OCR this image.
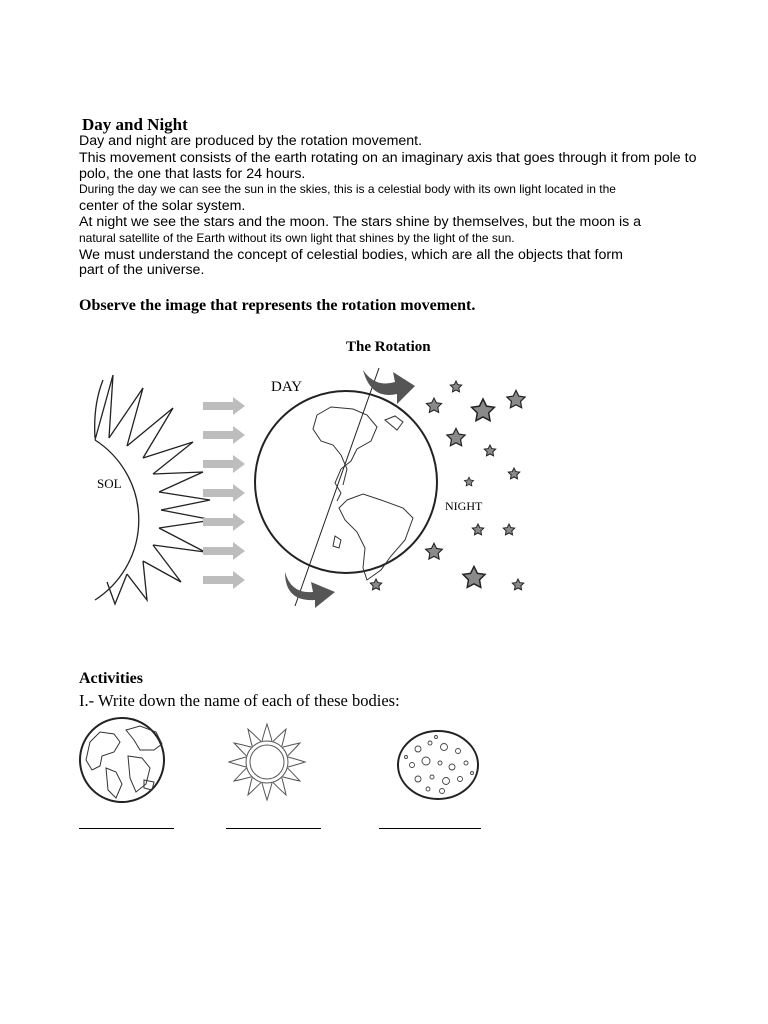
Day and Night
Day and night are produced by the rotation movement.
This movement consists of the earth rotating on an imaginary axis that goes through it from pole to
polo, the one that lasts for 24 hours.
During the day we can see the sun in the skies, this is a celestial body with its own light located in the
center of the solar system.
At night we see the stars and the moon. The stars shine by themselves, but the moon is a
natural satellite of the Earth without its own light that shines by the light of the sun.
We must understand the concept of celestial bodies, which are all the objects that form
part of the universe.
Observe the image that represents the rotation movement.
The Rotation
SOL
DAY
NIGHT
Activities
I.- Write down the name of each of these bodies:
